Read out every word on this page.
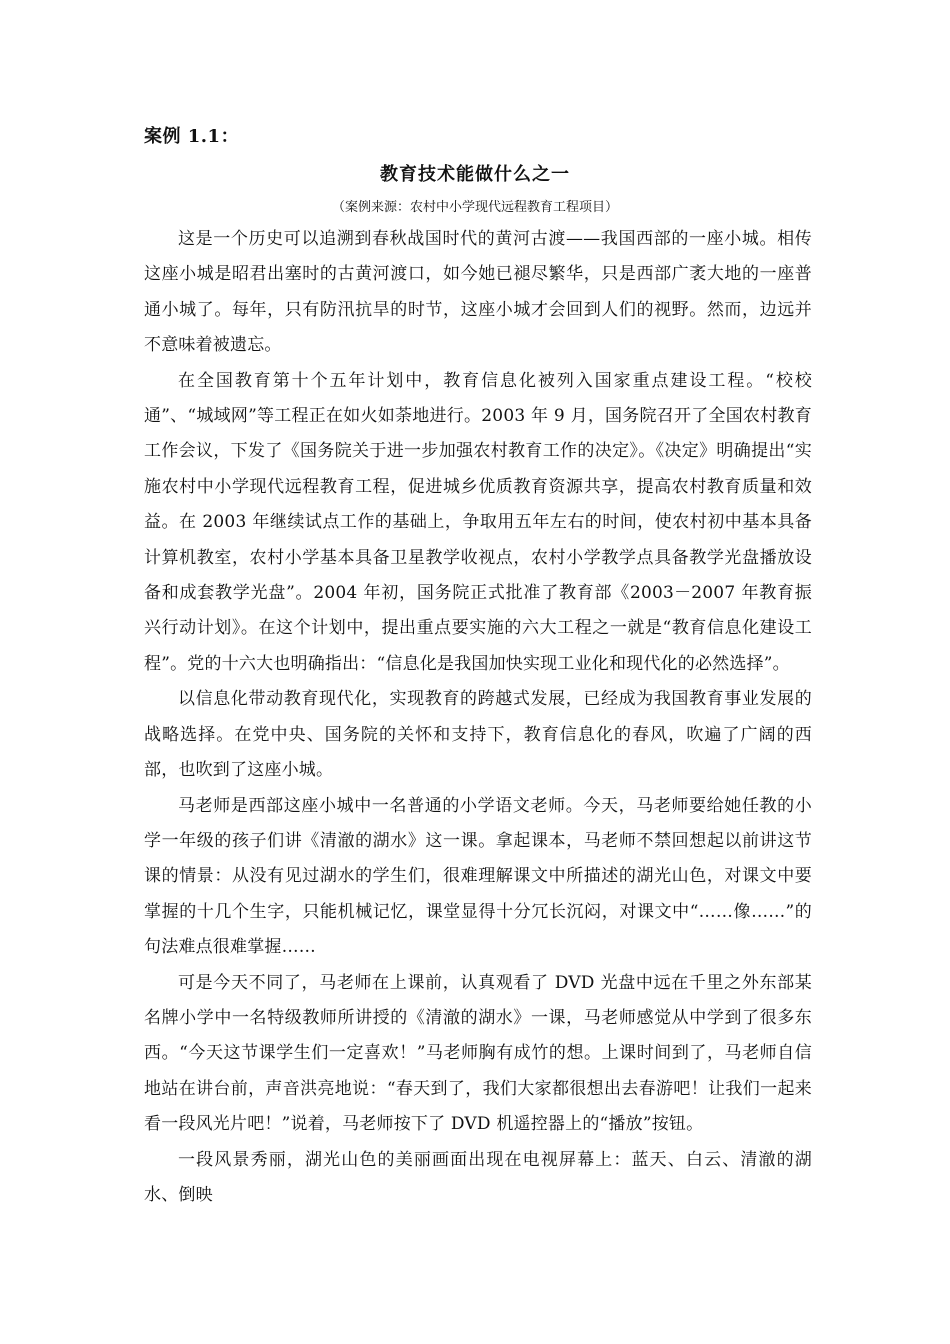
案例 1.1：
教育技术能做什么之一
（案例来源：农村中小学现代远程教育工程项目）

这是一个历史可以追溯到春秋战国时代的黄河古渡——我国西部的一座小城。相传这座小城是昭君出塞时的古黄河渡口，如今她已褪尽繁华，只是西部广袤大地的一座普通小城了。每年，只有防汛抗旱的时节，这座小城才会回到人们的视野。然而，边远并不意味着被遗忘。

在全国教育第十个五年计划中，教育信息化被列入国家重点建设工程。“校校通”、“城域网”等工程正在如火如荼地进行。2003 年 9 月，国务院召开了全国农村教育工作会议，下发了《国务院关于进一步加强农村教育工作的决定》。《决定》明确提出“实施农村中小学现代远程教育工程，促进城乡优质教育资源共享，提高农村教育质量和效益。在 2003 年继续试点工作的基础上，争取用五年左右的时间，使农村初中基本具备计算机教室，农村小学基本具备卫星教学收视点，农村小学教学点具备教学光盘播放设备和成套教学光盘”。2004 年初，国务院正式批准了教育部《2003－2007 年教育振兴行动计划》。在这个计划中，提出重点要实施的六大工程之一就是“教育信息化建设工程”。党的十六大也明确指出：“信息化是我国加快实现工业化和现代化的必然选择”。

以信息化带动教育现代化，实现教育的跨越式发展，已经成为我国教育事业发展的战略选择。在党中央、国务院的关怀和支持下，教育信息化的春风，吹遍了广阔的西部，也吹到了这座小城。

马老师是西部这座小城中一名普通的小学语文老师。今天，马老师要给她任教的小学一年级的孩子们讲《清澈的湖水》这一课。拿起课本，马老师不禁回想起以前讲这节课的情景：从没有见过湖水的学生们，很难理解课文中所描述的湖光山色，对课文中要掌握的十几个生字，只能机械记忆，课堂显得十分冗长沉闷，对课文中“……像……”的句法难点很难掌握……

可是今天不同了，马老师在上课前，认真观看了 DVD 光盘中远在千里之外东部某名牌小学中一名特级教师所讲授的《清澈的湖水》一课，马老师感觉从中学到了很多东西。“今天这节课学生们一定喜欢！”马老师胸有成竹的想。上课时间到了，马老师自信地站在讲台前，声音洪亮地说：“春天到了，我们大家都很想出去春游吧！让我们一起来看一段风光片吧！”说着，马老师按下了 DVD 机遥控器上的“播放”按钮。

一段风景秀丽，湖光山色的美丽画面出现在电视屏幕上：蓝天、白云、清澈的湖水、倒映
